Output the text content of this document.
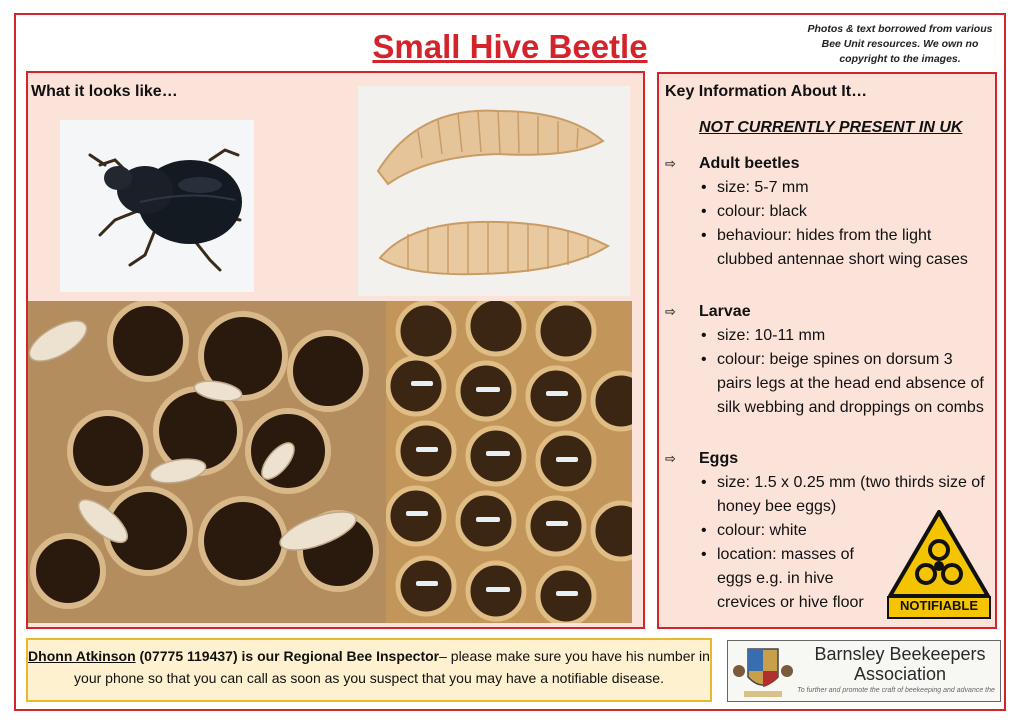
Small Hive Beetle	Photos & text borrowed from various Bee Unit resources. We own no copyright to the images.
What it looks like…	Key Information About It…
NOT CURRENTLY PRESENT IN UK
⇨	Adult beetles
• size: 5-7 mm
• colour: black
• behaviour: hides from the light clubbed antennae short wing cases
⇨	Larvae
• size: 10-11 mm
• colour: beige spines on dorsum 3 pairs legs at the head end absence of silk webbing and droppings on combs
⇨	Eggs
• size: 1.5 x 0.25 mm (two thirds size of honey bee eggs)
• colour: white
• location: masses of eggs e.g. in hive crevices or hive floor	NOTIFIABLE
Dhonn Atkinson (07775 119437) is our Regional Bee Inspector– please make sure you have his number in your phone so that you can call as soon as you suspect that you may have a notifiable disease.
Barnsley Beekeepers
Association
To further and promote the craft of beekeeping and advance the
